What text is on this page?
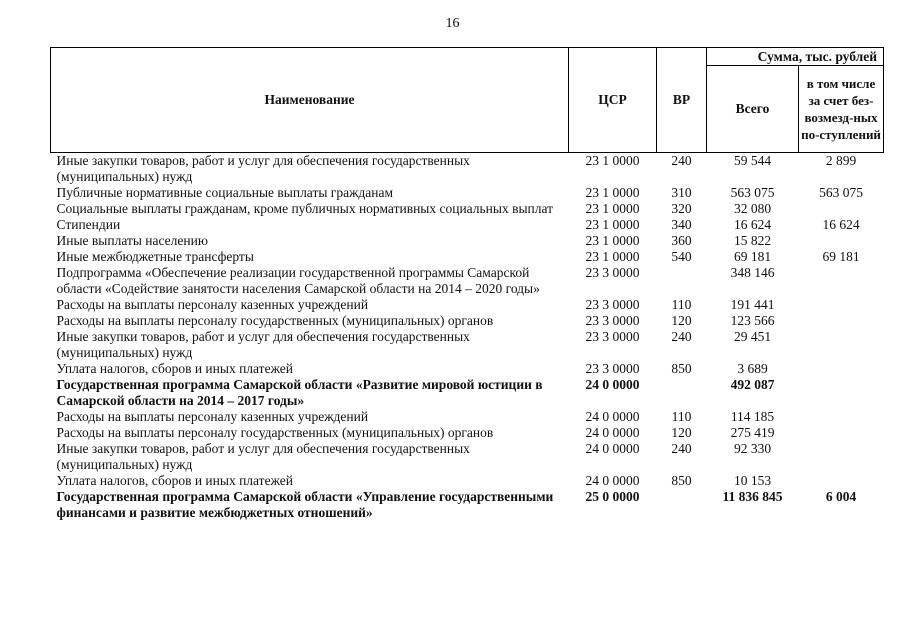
16
Наименование	ЦСР	ВР	Сумма, тыс. рублей	
			Всего	в том числе за счет без-возмезд-ных по-ступлений
Иные закупки товаров, работ и услуг для обеспечения государственных (муниципальных) нужд	23 1 0000	240	59 544	2 899
Публичные нормативные социальные выплаты гражданам	23 1 0000	310	563 075	563 075
Социальные выплаты гражданам, кроме публичных нормативных социальных выплат	23 1 0000	320	32 080	
Стипендии	23 1 0000	340	16 624	16 624
Иные выплаты населению	23 1 0000	360	15 822	
Иные межбюджетные трансферты	23 1 0000	540	69 181	69 181
Подпрограмма «Обеспечение реализации государственной программы Самарской области «Содействие занятости населения Самарской области на 2014 – 2020 годы»	23 3 0000		348 146	
Расходы на выплаты персоналу казенных учреждений	23 3 0000	110	191 441	
Расходы на выплаты персоналу государственных (муниципальных) органов	23 3 0000	120	123 566	
Иные закупки товаров, работ и услуг для обеспечения государственных (муниципальных) нужд	23 3 0000	240	29 451	
Уплата налогов, сборов и иных платежей	23 3 0000	850	3 689	
Государственная программа Самарской области «Развитие мировой юстиции в Самарской области на 2014 – 2017 годы»	24 0 0000		492 087	
Расходы на выплаты персоналу казенных учреждений	24 0 0000	110	114 185	
Расходы на выплаты персоналу государственных (муниципальных) органов	24 0 0000	120	275 419	
Иные закупки товаров, работ и услуг для обеспечения государственных (муниципальных) нужд	24 0 0000	240	92 330	
Уплата налогов, сборов и иных платежей	24 0 0000	850	10 153	
Государственная программа Самарской области «Управление государственными финансами и развитие межбюджетных отношений»	25 0 0000		11 836 845	6 004
